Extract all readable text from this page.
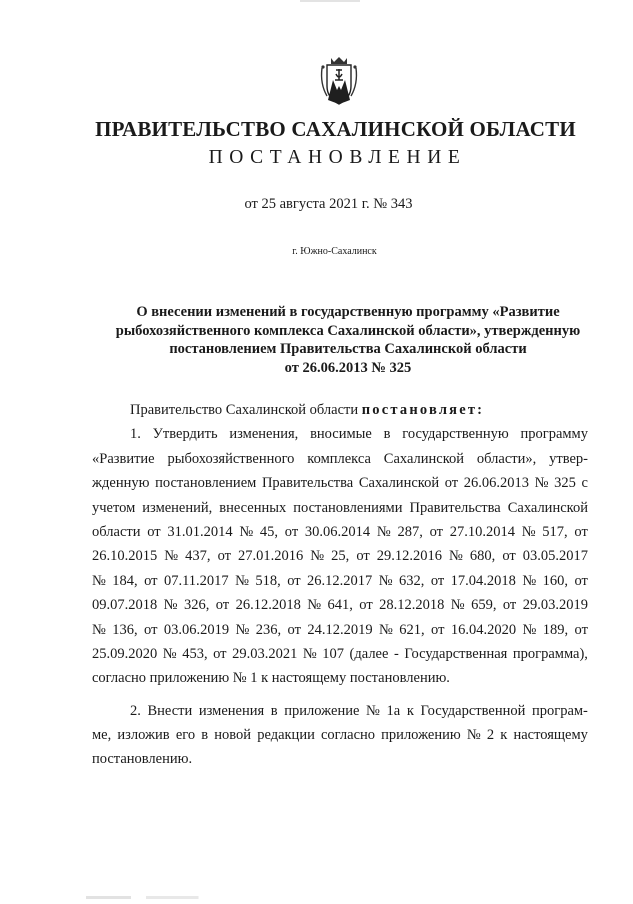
ПРАВИТЕЛЬСТВО САХАЛИНСКОЙ ОБЛАСТИ
ПОСТАНОВЛЕНИЕ
от 25 августа 2021 г. № 343
г. Южно-Сахалинск
О внесении изменений в государственную программу «Развитие
рыбохозяйственного комплекса Сахалинской области», утвержденную
постановлением Правительства Сахалинской области
от 26.06.2013 № 325
Правительство Сахалинской области
постановляет:
1. Утвердить изменения, вносимые в государственную программу
«Развитие рыбохозяйственного комплекса Сахалинской области», утвер-
жденную постановлением Правительства Сахалинской от 26.06.2013 № 325 с
учетом изменений, внесенных постановлениями Правительства Сахалинской
области от 31.01.2014 № 45, от 30.06.2014 № 287, от 27.10.2014 № 517, от
26.10.2015 № 437, от 27.01.2016 № 25, от 29.12.2016 № 680, от 03.05.2017
№ 184, от 07.11.2017 № 518, от 26.12.2017 № 632, от 17.04.2018 № 160, от
09.07.2018 № 326, от 26.12.2018 № 641, от 28.12.2018 № 659, от 29.03.2019
№ 136, от 03.06.2019 № 236, от 24.12.2019 № 621, от 16.04.2020 № 189, от
25.09.2020 № 453, от 29.03.2021 № 107 (далее - Государственная программа),
согласно приложению № 1 к настоящему постановлению.
2. Внести изменения в приложение № 1а к Государственной програм-
ме, изложив его в новой редакции согласно приложению № 2 к настоящему
постановлению.
